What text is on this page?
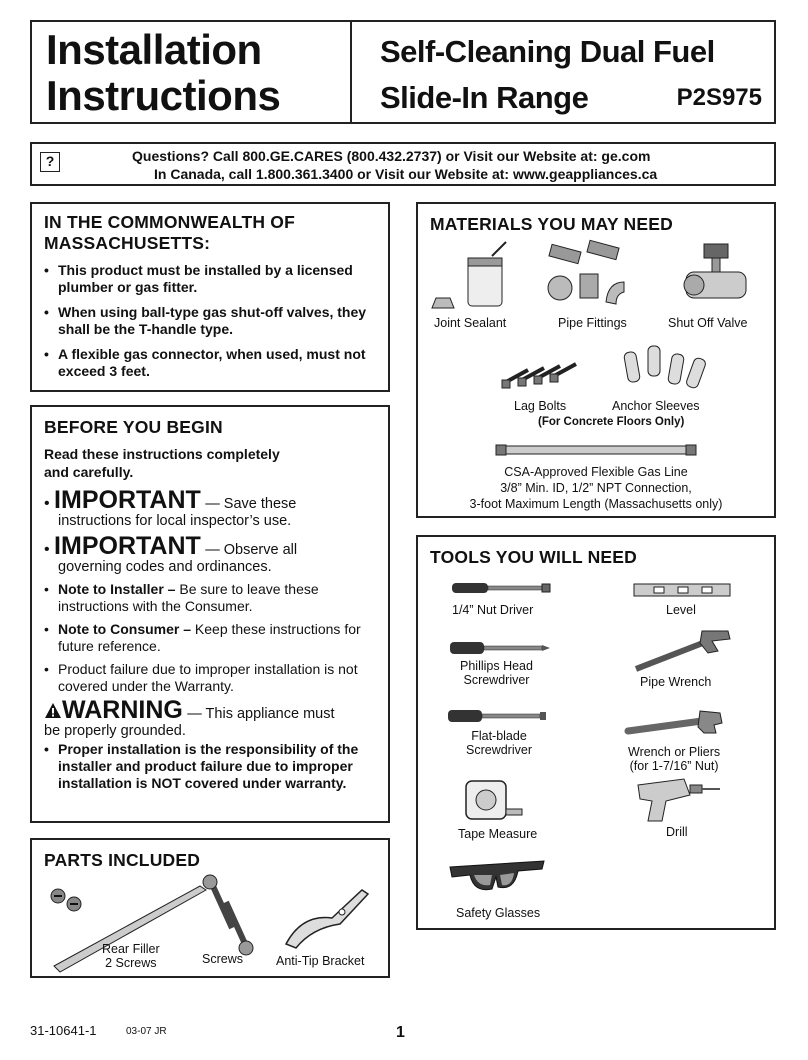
Installation
Instructions
Self-Cleaning Dual Fuel
Slide-In Range	P2S975
?	Questions? Call 800.GE.CARES (800.432.2737) or Visit our Website at: ge.com
In Canada, call 1.800.361.3400 or Visit our Website at: www.geappliances.ca
IN THE COMMONWEALTH OF
MASSACHUSETTS:
• This product must be installed by a licensed plumber or gas fitter.
• When using ball-type gas shut-off valves, they shall be the T-handle type.
• A flexible gas connector, when used, must not exceed 3 feet.
BEFORE YOU BEGIN
Read these instructions completely
and carefully.
• IMPORTANT — Save these
instructions for local inspector’s use.
• IMPORTANT — Observe all
governing codes and ordinances.
• Note to Installer – Be sure to leave these instructions with the Consumer.
• Note to Consumer – Keep these instructions for future reference.
• Product failure due to improper installation is not covered under the Warranty.
WARNING — This appliance must
be properly grounded.
• Proper installation is the responsibility of the installer and product failure due to improper installation is NOT covered under warranty.
PARTS INCLUDED
Rear Filler
2 Screws	Screws	Anti-Tip Bracket
MATERIALS YOU MAY NEED
Joint Sealant	Pipe Fittings	Shut Off Valve
Lag Bolts	Anchor Sleeves
(For Concrete Floors Only)
CSA-Approved Flexible Gas Line
3/8” Min. ID, 1/2” NPT Connection,
3-foot Maximum Length (Massachusetts only)
TOOLS YOU WILL NEED
1/4” Nut Driver	Level
Phillips Head
Screwdriver	Pipe Wrench
Flat-blade
Screwdriver	Wrench or Pliers
(for 1-7/16” Nut)
Tape Measure	Drill
Safety Glasses
31-10641-1	03-07 JR	1
